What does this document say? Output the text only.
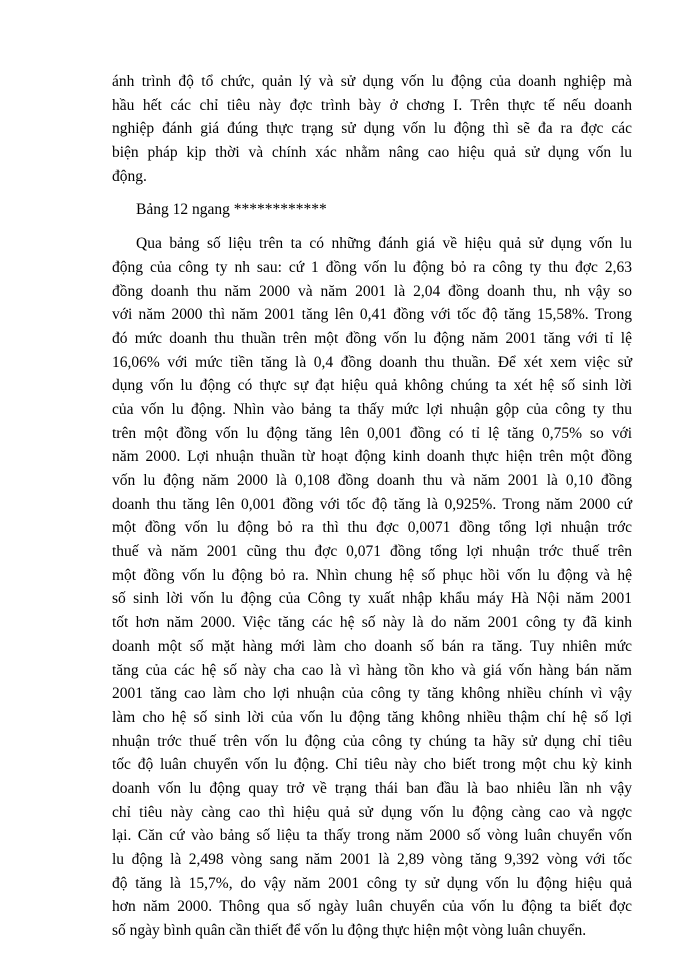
ánh trình độ tổ chức, quản lý và sử dụng vốn lu động của doanh nghiệp mà
hầu hết các chỉ tiêu này đợc trình bày ở chơng I. Trên thực tế nếu doanh
nghiệp đánh giá đúng thực trạng sử dụng vốn lu động thì sẽ đa ra đợc các
biện pháp kịp thời và chính xác nhằm nâng cao hiệu quả sử dụng vốn lu
động.
Bảng 12 ngang ************
Qua bảng số liệu trên ta có những đánh giá về hiệu quả sử dụng vốn lu
động của công ty nh sau: cứ 1 đồng vốn lu động bỏ ra công ty thu đợc 2,63
đồng doanh thu năm 2000 và năm 2001 là 2,04 đồng doanh thu, nh vậy so
với năm 2000 thì năm 2001 tăng lên 0,41 đồng với tốc độ tăng 15,58%. Trong
đó mức doanh thu thuần trên một đồng vốn lu động năm 2001 tăng với tỉ lệ
16,06% với mức tiền tăng là 0,4 đồng doanh thu thuần. Để xét xem việc sử
dụng vốn lu động có thực sự đạt hiệu quả không chúng ta xét hệ số sinh lời
của vốn lu động. Nhìn vào bảng ta thấy mức lợi nhuận gộp của công ty thu
trên một đồng vốn lu động tăng lên 0,001 đồng có tỉ lệ tăng 0,75% so với
năm 2000. Lợi nhuận thuần từ hoạt động kinh doanh thực hiện trên một đồng
vốn lu động năm 2000 là 0,108 đồng doanh thu và năm 2001 là 0,10 đồng
doanh thu tăng lên 0,001 đồng với tốc độ tăng là 0,925%. Trong năm 2000 cứ
một đồng vốn lu động bỏ ra thì thu đợc 0,0071 đồng tổng lợi nhuận trớc
thuế và năm 2001 cũng thu đợc 0,071 đồng tổng lợi nhuận trớc thuế trên
một đồng vốn lu động bỏ ra. Nhìn chung hệ số phục hồi vốn lu động và hệ
số sinh lời vốn lu động của Công ty xuất nhập khẩu máy Hà Nội năm 2001
tốt hơn năm 2000. Việc tăng các hệ số này là do năm 2001 công ty đã kinh
doanh một số mặt hàng mới làm cho doanh số bán ra tăng. Tuy nhiên mức
tăng của các hệ số này cha cao là vì hàng tồn kho và giá vốn hàng bán năm
2001 tăng cao làm cho lợi nhuận của công ty tăng không nhiều chính vì vậy
làm cho hệ số sinh lời của vốn lu động tăng không nhiều thậm chí hệ số lợi
nhuận trớc thuế trên vốn lu động của công ty chúng ta hãy sử dụng chỉ tiêu
tốc độ luân chuyển vốn lu động. Chỉ tiêu này cho biết trong một chu kỳ kinh
doanh vốn lu động quay trở về trạng thái ban đầu là bao nhiêu lần nh vậy
chỉ tiêu này càng cao thì hiệu quả sử dụng vốn lu động càng cao và ngợc
lại. Căn cứ vào bảng số liệu ta thấy trong năm 2000 số vòng luân chuyển vốn
lu động là 2,498 vòng sang năm 2001 là 2,89 vòng tăng 9,392 vòng với tốc
độ tăng là 15,7%, do vậy năm 2001 công ty sử dụng vốn lu động hiệu quả
hơn năm 2000. Thông qua số ngày luân chuyển của vốn lu động ta biết đợc
số ngày bình quân cần thiết để vốn lu động thực hiện một vòng luân chuyển.
